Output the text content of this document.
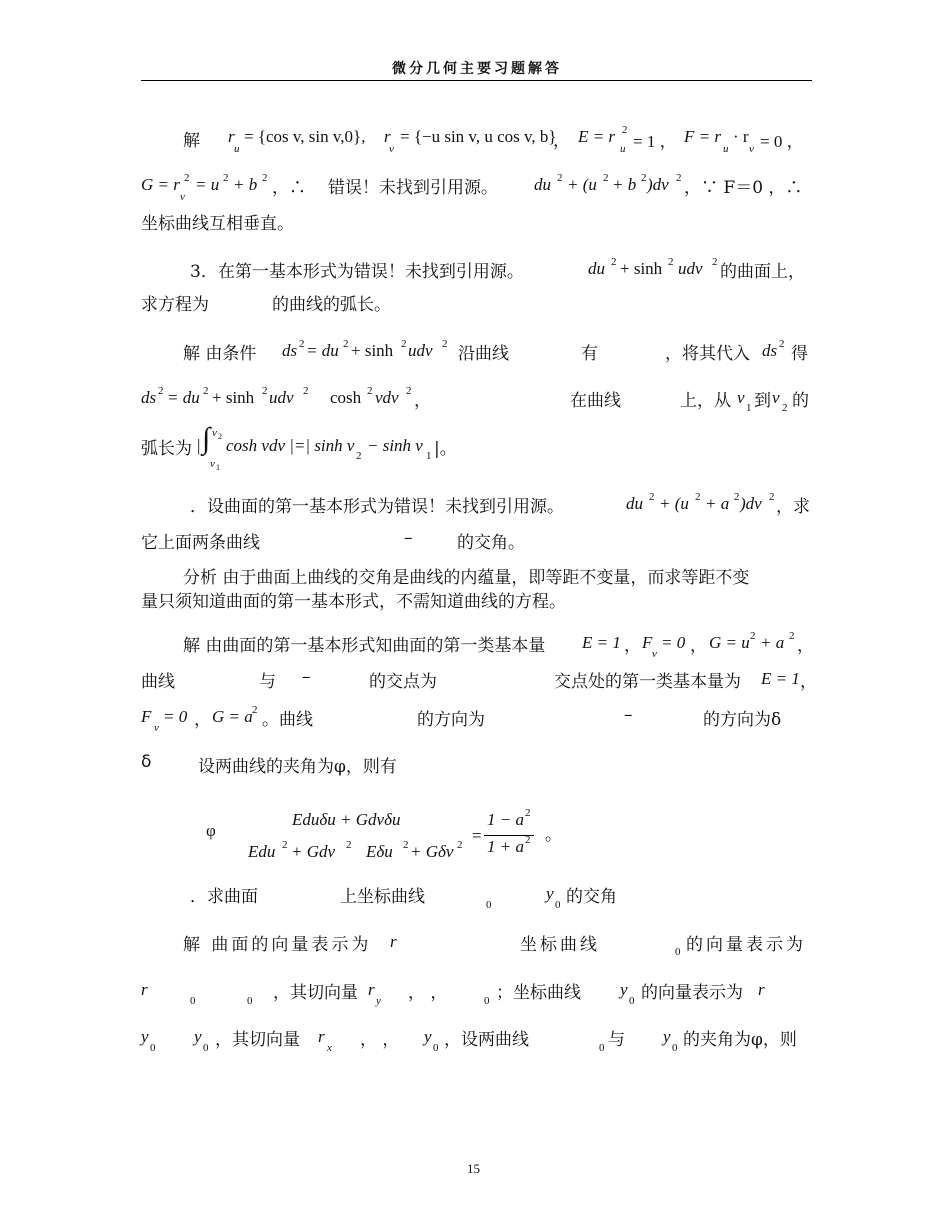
微分几何主要习题解答
解 r
u
= {cos v, sin v,0}, r
v
= {−u sin v, u cos v, b}
， E = r
u
2
= 1 ， F = r
u
· r
v = 0 ，
G = r 2
v
= u 2 + b 2 ，∴ 错误！未找到引用源。 du 2 + (u 2 + b 2 )dv 2 ，∵ F＝0 ，∴
坐标曲线互相垂直。
3．在第一基本形式为错误！未找到引用源。	du 2 + sinh 2 udv 2 的曲面上，
求方程为	的曲线的弧长。
解 由条件 ds 2 = du 2 + sinh 2 udv 2 沿曲线	有	，将其代入 ds 2 得
ds 2 = du 2 + sinh 2 udv 2 cosh 2 vdv 2 ，	在曲线	上，从 v
1 到 v
2 的
弧长为 | ∫ v 2
v 1
cosh vdv |=| sinh v
2
− sinh v
1 |。
．设曲面的第一基本形式为错误！未找到引用源。	du 2 + (u 2 + a 2 )dv 2 ，求
它上面两条曲线	–	的交角。
分析 由于曲面上曲线的交角是曲线的内蕴量，即等距不变量，而求等距不变
量只须知道曲面的第一基本形式，不需知道曲线的方程。
解 由曲面的第一基本形式知曲面的第一类基本量 E = 1 ， F
v
= 0 ， G = u 2 + a 2 ，
曲线	与 –	的交点为	交点处的第一类基本量为 E = 1 ，
F
v
= 0 ， G = a 2 。曲线	的方向为	–	的方向为δ
δ	设两曲线的夹角为φ，则有
φ
Eduδu + Gdvδu
Edu 2 + Gdv 2 Eδu 2 + Gδv 2 =
1 − a 2
1 + a 2 。
．求曲面	上坐标曲线	0
y
0 的交角
解 曲面的向量表示为 r	坐标曲线	0 的向量表示为
r
0	0 ，其切向量 r
y ， ，	0 ；坐标曲线 y
0 的向量表示为 r
y
0
y
0 ，其切向量 r
x ， ， y
0 ，设两曲线	0 与 y
0 的夹角为φ，则
15
